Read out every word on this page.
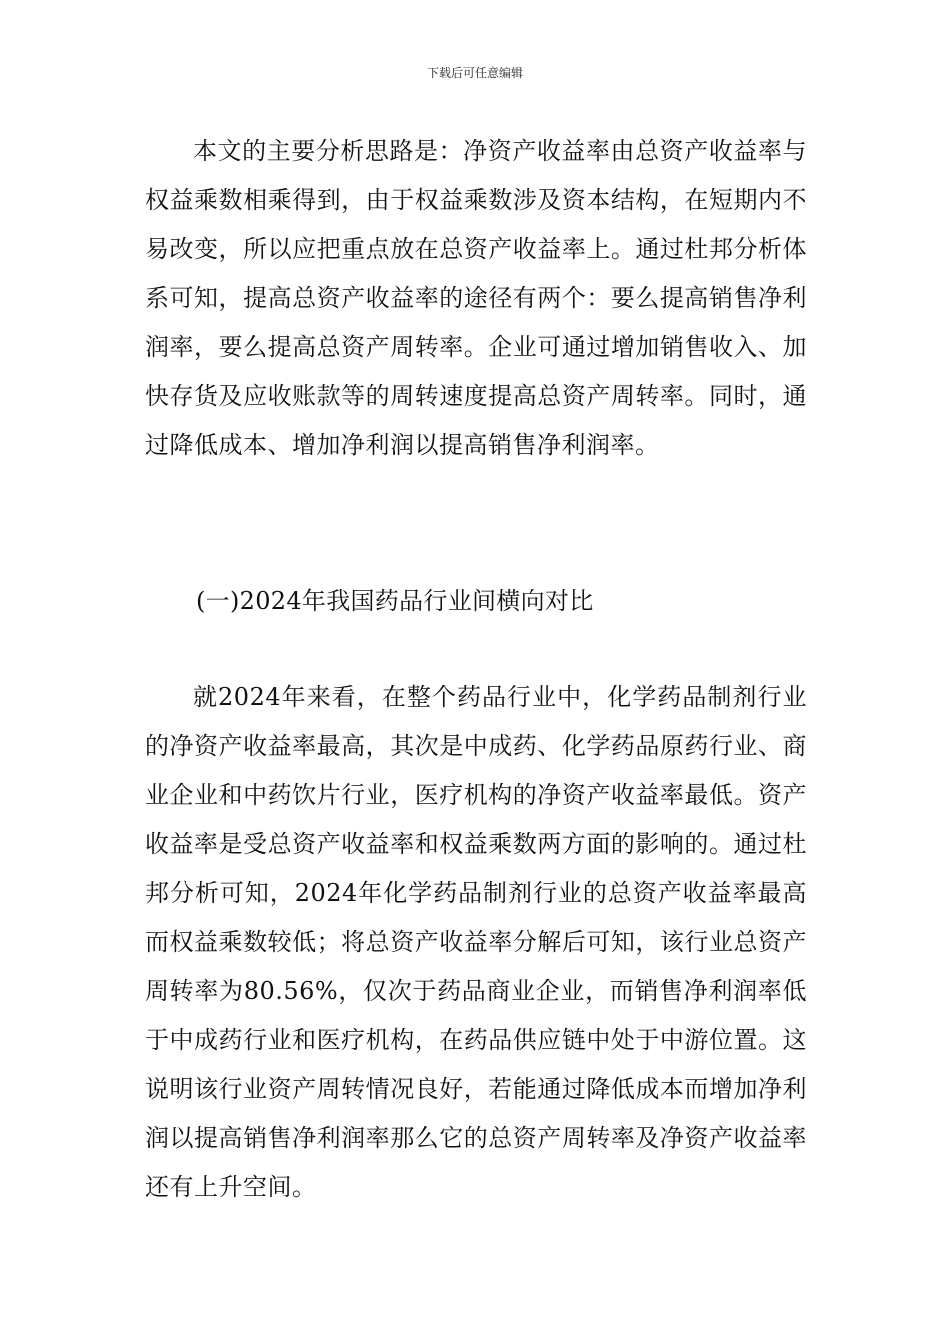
下载后可任意编辑

本文的主要分析思路是：净资产收益率由总资产收益率与权益乘数相乘得到，由于权益乘数涉及资本结构，在短期内不易改变，所以应把重点放在总资产收益率上。通过杜邦分析体系可知，提高总资产收益率的途径有两个：要么提高销售净利润率，要么提高总资产周转率。企业可通过增加销售收入、加快存货及应收账款等的周转速度提高总资产周转率。同时，通过降低成本、增加净利润以提高销售净利润率。

(一)2024年我国药品行业间横向对比

就2024年来看，在整个药品行业中，化学药品制剂行业的净资产收益率最高，其次是中成药、化学药品原药行业、商业企业和中药饮片行业，医疗机构的净资产收益率最低。资产收益率是受总资产收益率和权益乘数两方面的影响的。通过杜邦分析可知，2024年化学药品制剂行业的总资产收益率最高而权益乘数较低；将总资产收益率分解后可知，该行业总资产周转率为80.56%，仅次于药品商业企业，而销售净利润率低于中成药行业和医疗机构，在药品供应链中处于中游位置。这说明该行业资产周转情况良好，若能通过降低成本而增加净利润以提高销售净利润率那么它的总资产周转率及净资产收益率还有上升空间。
